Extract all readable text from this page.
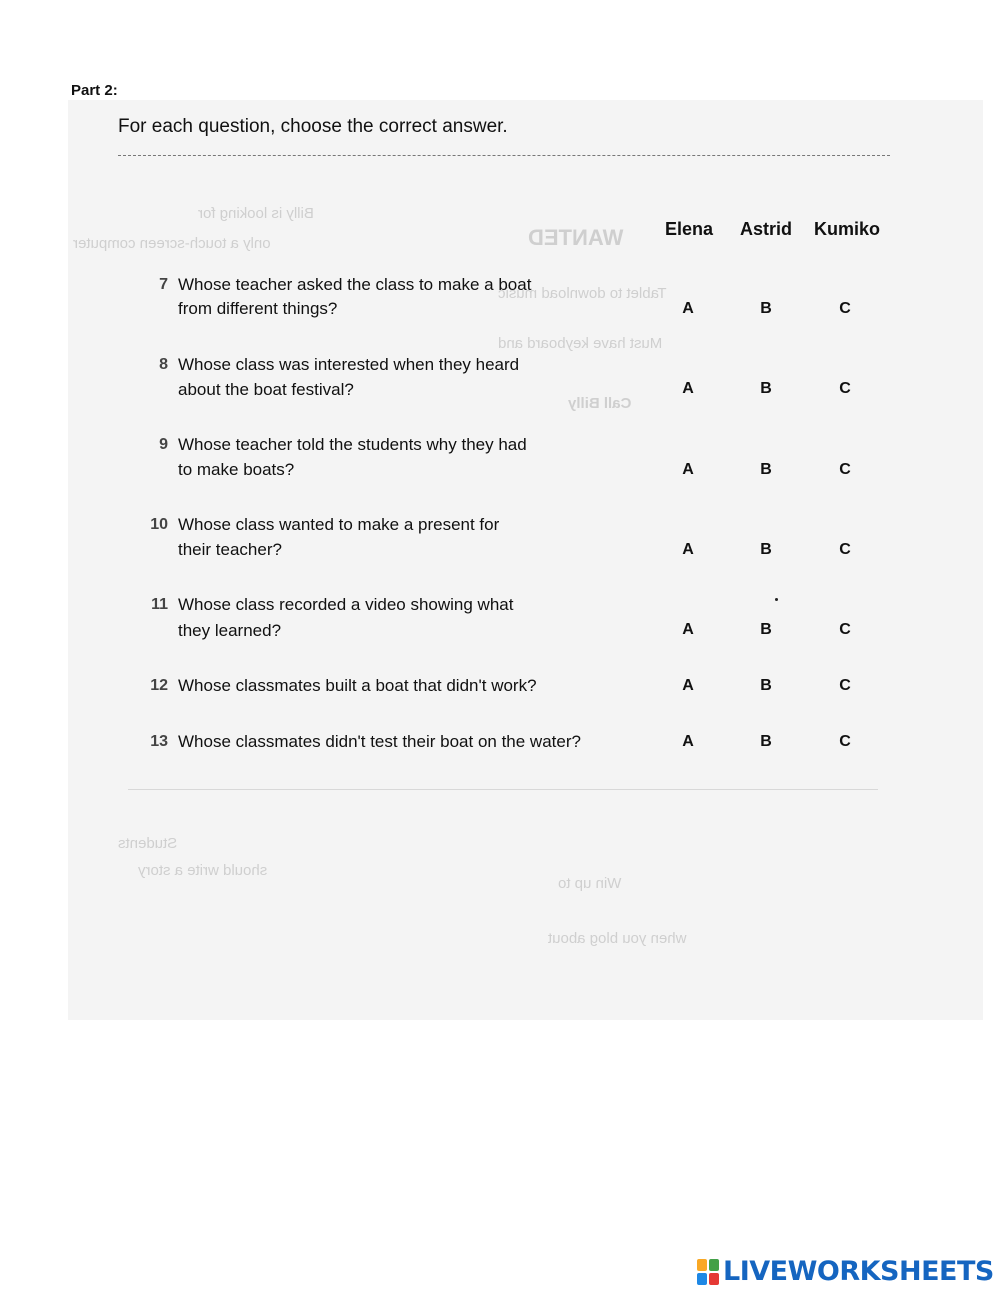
Part 2:
Billy is looking for
only a touch-screen computer	WANTED
Tablet to download music
Must have keyboard and
Call Billy
Students
should write a story
Win up to
when you blog about
For each question, choose the correct answer.
Elena Astrid Kumiko
7 Whose teacher asked the class to make a boat
from different things?	A	B	C
8 Whose class was interested when they heard
about the boat festival?	A	B	C
9 Whose teacher told the students why they had
to make boats?	A	B	C
10 Whose class wanted to make a present for
their teacher?	A	B	C
11 Whose class recorded a video showing what
they learned?	A	B	C
12 Whose classmates built a boat that didn't work?	A	B	C
13 Whose classmates didn't test their boat on the water?	A	B	C
LIVEWORKSHEETS
